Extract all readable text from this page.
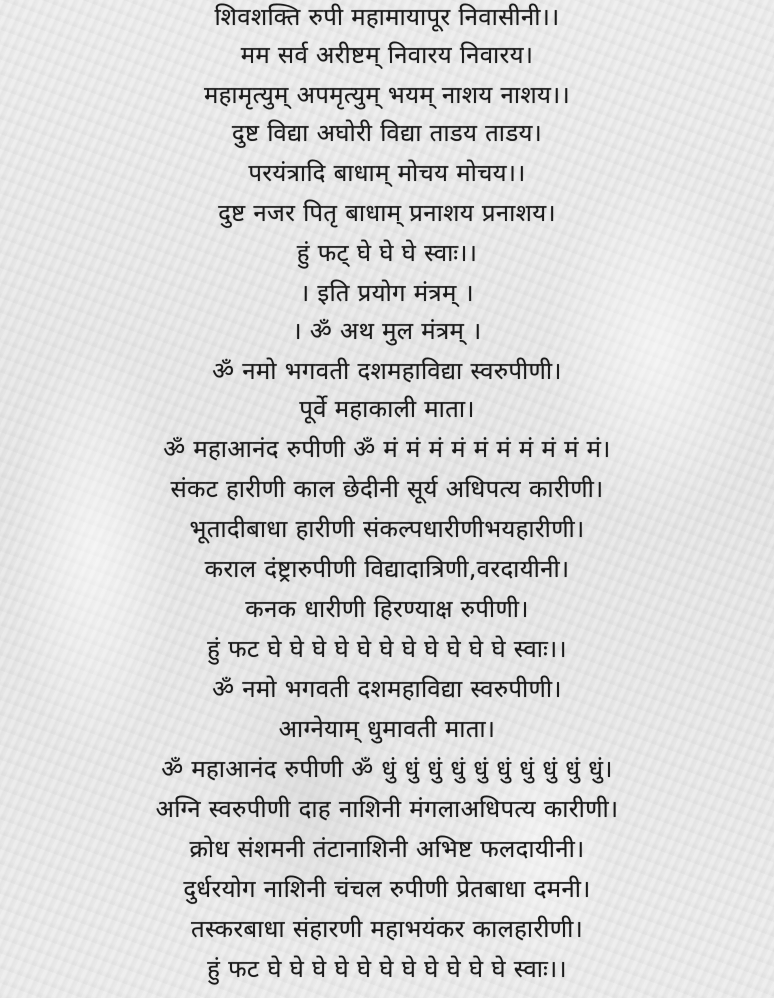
शिवशक्ति रुपी महामायापूर निवासीनी।।
मम सर्व अरीष्टम् निवारय निवारय।
महामृत्युम् अपमृत्युम् भयम् नाशय नाशय।।
दुष्ट विद्या अघोरी विद्या ताडय ताडय।
परयंत्रादि बाधाम् मोचय मोचय।।
दुष्ट नजर पितृ बाधाम् प्रनाशय प्रनाशय।
हुं फट् घे घे घे स्वाः।।
। इति प्रयोग मंत्रम् ।
। ॐ अथ मुल मंत्रम् ।
ॐ नमो भगवती दशमहाविद्या स्वरुपीणी।
पूर्वे महाकाली माता।
ॐ महाआनंद रुपीणी ॐ मं मं मं मं मं मं मं मं मं मं।
संकट हारीणी काल छेदीनी सूर्य अधिपत्य कारीणी।
भूतादीबाधा हारीणी संकल्पधारीणीभयहारीणी।
कराल दंष्ट्रारुपीणी विद्यादात्रिणी,वरदायीनी।
कनक धारीणी हिरण्याक्ष रुपीणी।
हुं फट घे घे घे घे घे घे घे घे घे घे घे स्वाः।।
ॐ नमो भगवती दशमहाविद्या स्वरुपीणी।
आग्नेयाम् धुमावती माता।
ॐ महाआनंद रुपीणी ॐ धुं धुं धुं धुं धुं धुं धुं धुं धुं धुं।
अग्नि स्वरुपीणी दाह नाशिनी मंगलाअधिपत्य कारीणी।
क्रोध संशमनी तंटानाशिनी अभिष्ट फलदायीनी।
दुर्धरयोग नाशिनी चंचल रुपीणी प्रेतबाधा दमनी।
तस्करबाधा संहारणी महाभयंकर कालहारीणी।
हुं फट घे घे घे घे घे घे घे घे घे घे घे स्वाः।।
